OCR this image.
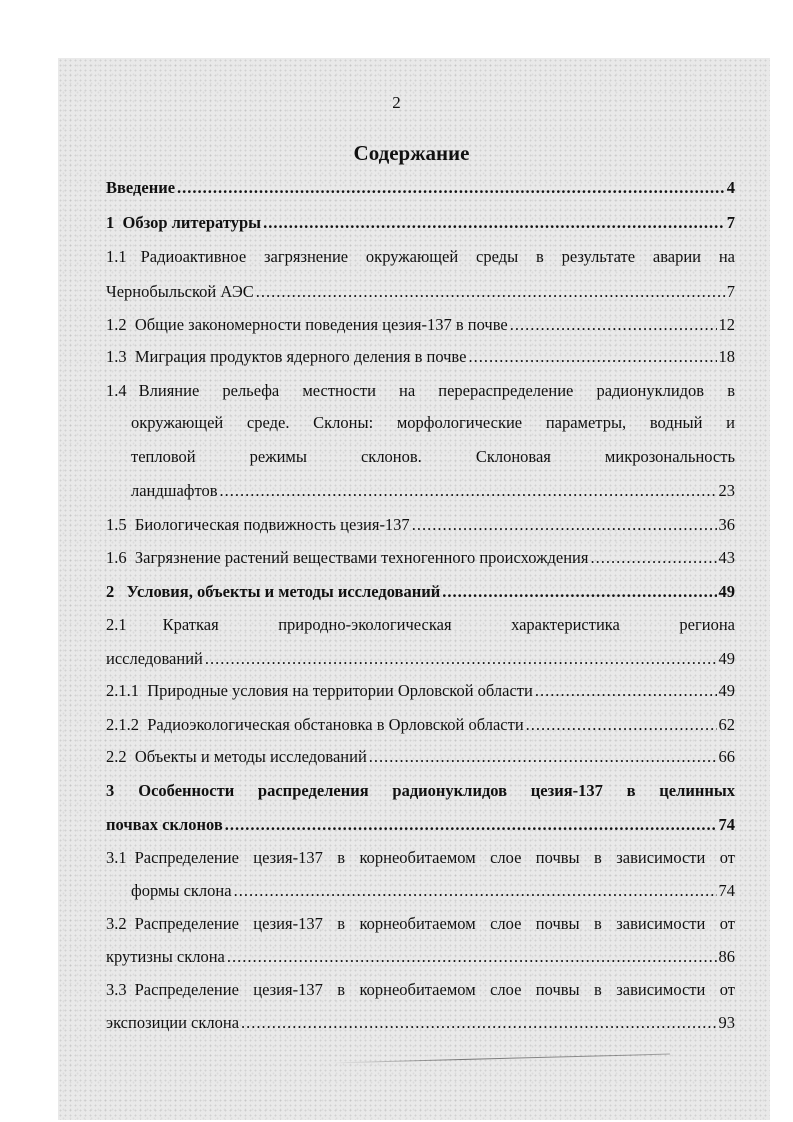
2
Содержание
Введение .....	4
1 Обзор литературы .....	7
1.1 Радиоактивное загрязнение окружающей среды в результате аварии на
Чернобыльской АЭС .....	7
1.2 Общие закономерности поведения цезия-137 в почве .....	12
1.3 Миграция продуктов ядерного деления в почве .....	18
1.4 Влияние рельефа местности на перераспределение радионуклидов в
окружающей среде. Склоны: морфологические параметры, водный и
тепловой режимы склонов. Склоновая микрозональность
ландшафтов .....	23
1.5 Биологическая подвижность цезия-137 .....	36
1.6 Загрязнение растений веществами техногенного происхождения .....	43
2 Условия, объекты и методы исследований .....	49
2.1	Краткая природно-экологическая характеристика региона
исследований .....	49
2.1.1 Природные условия на территории Орловской области .....	49
2.1.2 Радиоэкологическая обстановка в Орловской области .....	62
2.2 Объекты и методы исследований .....	66
3	Особенности распределения радионуклидов цезия-137 в целинных
почвах склонов .....	74
3.1 Распределение цезия-137 в корнеобитаемом слое почвы в зависимости от
формы склона .....	74
3.2 Распределение цезия-137 в корнеобитаемом слое почвы в зависимости от
крутизны склона .....	86
3.3 Распределение цезия-137 в корнеобитаемом слое почвы в зависимости от
экспозиции склона .....	93
